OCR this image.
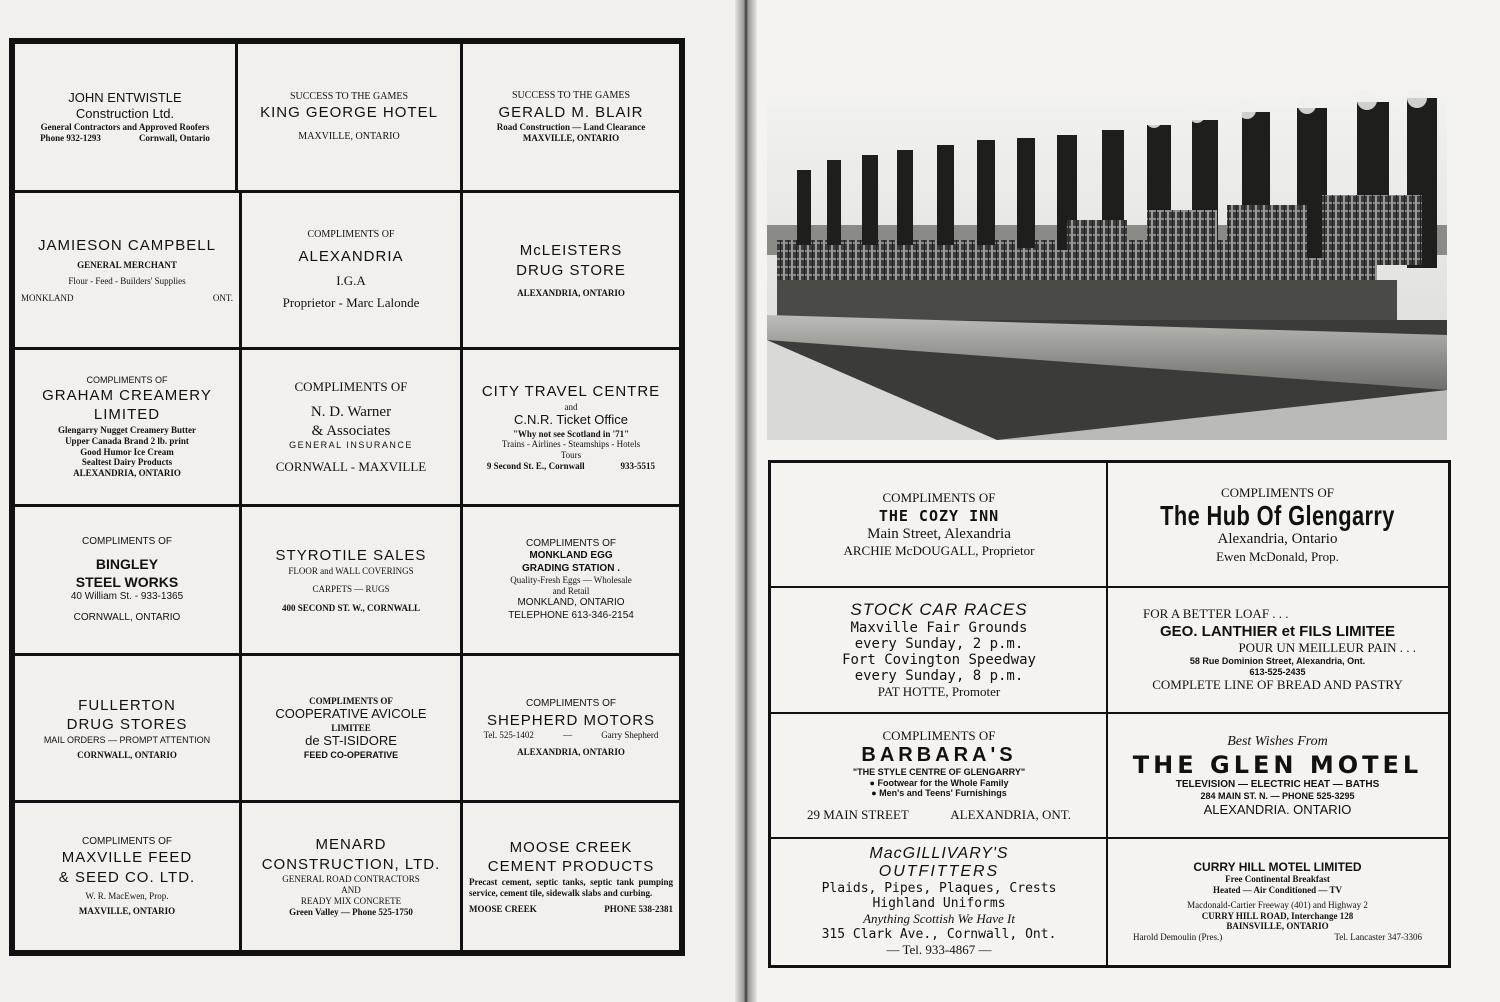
JOHN ENTWISTLE
Construction Ltd.
General Contractors and Approved Roofers
Phone 932-1293	Cornwall, Ontario
SUCCESS TO THE GAMES
KING GEORGE HOTEL
MAXVILLE, ONTARIO
SUCCESS TO THE GAMES
GERALD M. BLAIR
Road Construction — Land Clearance
MAXVILLE, ONTARIO
JAMIESON CAMPBELL
GENERAL MERCHANT
Flour - Feed - Builders' Supplies
MONKLAND	ONT.
COMPLIMENTS OF
ALEXANDRIA
I.G.A
Proprietor - Marc Lalonde
McLEISTERS
DRUG STORE
ALEXANDRIA, ONTARIO
COMPLIMENTS OF
GRAHAM CREAMERY
LIMITED
Glengarry Nugget Creamery Butter
Upper Canada Brand 2 lb. print
Good Humor Ice Cream
Sealtest Dairy Products
ALEXANDRIA, ONTARIO
COMPLIMENTS OF
N. D. Warner
& Associates
GENERAL INSURANCE
CORNWALL - MAXVILLE
CITY TRAVEL CENTRE
and
C.N.R. Ticket Office
"Why not see Scotland in '71"
Trains - Airlines - Steamships - Hotels
Tours
9 Second St. E., Cornwall	933-5515
COMPLIMENTS OF
BINGLEY
STEEL WORKS
40 William St. - 933-1365
CORNWALL, ONTARIO
STYROTILE SALES
FLOOR and WALL COVERINGS
CARPETS — RUGS
400 SECOND ST. W., CORNWALL
COMPLIMENTS OF
MONKLAND EGG
GRADING STATION .
Quality-Fresh Eggs — Wholesale
and Retail
MONKLAND, ONTARIO
TELEPHONE 613-346-2154
FULLERTON
DRUG STORES
MAIL ORDERS — PROMPT ATTENTION
CORNWALL, ONTARIO
COMPLIMENTS OF
COOPERATIVE AVICOLE
LIMITEE
de ST-ISIDORE
FEED CO-OPERATIVE
COMPLIMENTS OF
SHEPHERD MOTORS
Tel. 525-1402	—	Garry Shepherd
ALEXANDRIA, ONTARIO
COMPLIMENTS OF
MAXVILLE FEED
& SEED CO. LTD.
W. R. MacEwen, Prop.
MAXVILLE, ONTARIO
MENARD
CONSTRUCTION, LTD.
GENERAL ROAD CONTRACTORS
AND
READY MIX CONCRETE
Green Valley — Phone 525-1750
MOOSE CREEK
CEMENT PRODUCTS
Precast cement, septic tanks, septic tank pumping service, cement tile, sidewalk slabs and curbing.
MOOSE CREEK	PHONE 538-2381
COMPLIMENTS OF
THE COZY INN
Main Street, Alexandria
ARCHIE McDOUGALL, Proprietor
COMPLIMENTS OF
The Hub Of Glengarry
Alexandria, Ontario
Ewen McDonald, Prop.
STOCK CAR RACES
Maxville Fair Grounds
every Sunday, 2 p.m.
Fort Covington Speedway
every Sunday, 8 p.m.
PAT HOTTE, Promoter
FOR A BETTER LOAF . . .
GEO. LANTHIER et FILS LIMITEE
POUR UN MEILLEUR PAIN . . .
58 Rue Dominion Street, Alexandria, Ont.
613-525-2435
COMPLETE LINE OF BREAD AND PASTRY
COMPLIMENTS OF
BARBARA'S
"THE STYLE CENTRE OF GLENGARRY"
● Footwear for the Whole Family
● Men's and Teens' Furnishings
29 MAIN STREET	ALEXANDRIA, ONT.
Best Wishes From
THE GLEN MOTEL
TELEVISION — ELECTRIC HEAT — BATHS
284 MAIN ST. N. — PHONE 525-3295
ALEXANDRIA. ONTARIO
MacGILLIVARY'S
OUTFITTERS
Plaids, Pipes, Plaques, Crests
Highland Uniforms
Anything Scottish We Have It
315 Clark Ave., Cornwall, Ont.
— Tel. 933-4867 —
CURRY HILL MOTEL LIMITED
Free Continental Breakfast
Heated — Air Conditioned — TV
Macdonald-Cartier Freeway (401) and Highway 2
CURRY HILL ROAD, Interchange 128
BAINSVILLE, ONTARIO
Harold Demoulin (Pres.)	Tel. Lancaster 347-3306
